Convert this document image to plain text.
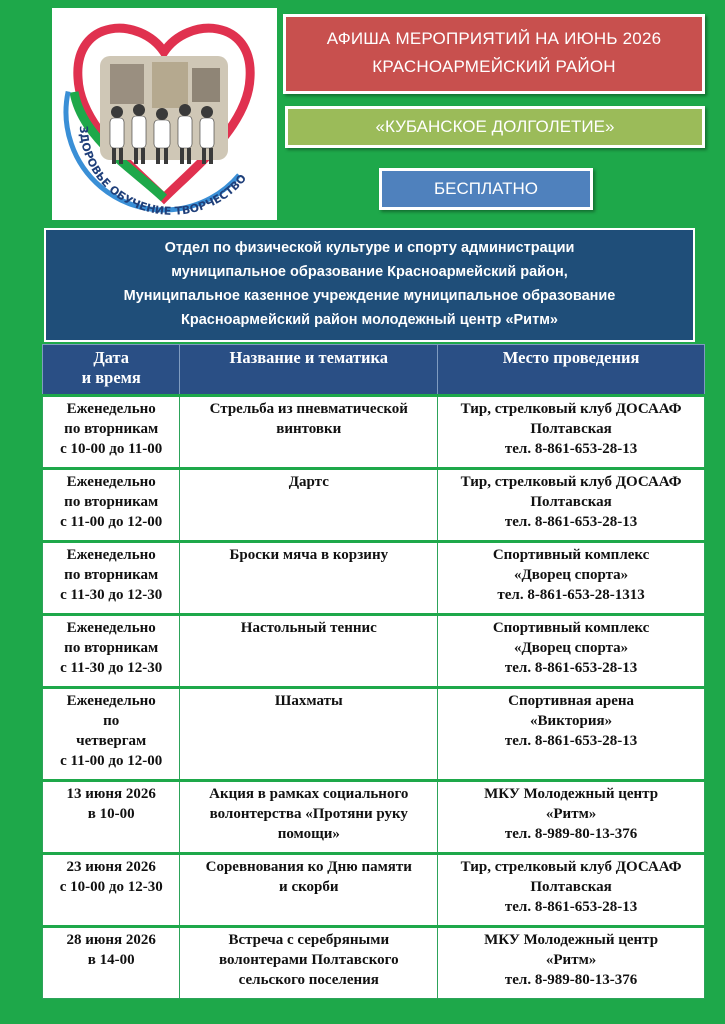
ЗДОРОВЬЕ ОБУЧЕНИЕ ТВОРЧЕСТВО
АФИША МЕРОПРИЯТИЙ НА ИЮНЬ 2026
КРАСНОАРМЕЙСКИЙ РАЙОН
«КУБАНСКОЕ ДОЛГОЛЕТИЕ»
БЕСПЛАТНО
Отдел по физической культуре и спорту администрации
муниципальное образование Красноармейский район,
Муниципальное казенное учреждение муниципальное образование
Красноармейский район молодежный центр «Ритм»
Дата
и время	Название и тематика	Место проведения

Еженедельно
по вторникам
с 10-00 до 11-00	Стрельба из пневматической
винтовки	Тир, стрелковый клуб ДОСААФ
Полтавская
тел. 8-861-653-28-13

Еженедельно
по вторникам
с 11-00 до 12-00	Дартс	Тир, стрелковый клуб ДОСААФ
Полтавская
тел. 8-861-653-28-13

Еженедельно
по вторникам
с 11-30 до 12-30	Броски мяча в корзину	Спортивный комплекс
«Дворец спорта»
тел. 8-861-653-28-1313

Еженедельно
по вторникам
с 11-30 до 12-30	Настольный теннис	Спортивный комплекс
«Дворец спорта»
тел. 8-861-653-28-13

Еженедельно
по
четвергам
с 11-00 до 12-00	Шахматы	Спортивная арена
«Виктория»
тел. 8-861-653-28-13

13 июня 2026
в 10-00	Акция в рамках социального
волонтерства «Протяни руку
помощи»	МКУ Молодежный центр
«Ритм»
тел. 8-989-80-13-376

23 июня 2026
с 10-00 до 12-30	Соревнования ко Дню памяти
и скорби	Тир, стрелковый клуб ДОСААФ
Полтавская
тел. 8-861-653-28-13

28 июня 2026
в 14-00	Встреча с серебряными
волонтерами Полтавского
сельского поселения	МКУ Молодежный центр
«Ритм»
тел. 8-989-80-13-376
